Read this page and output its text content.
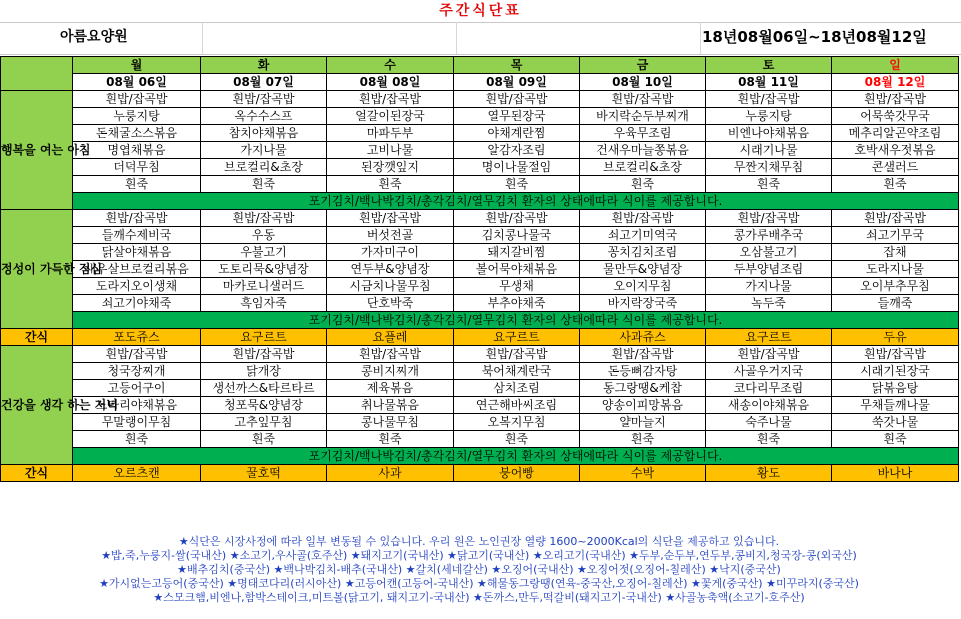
주간식단표
아름요양원	18년08월06일~18년08월12일
	월	화	수	목	금	토	일
	08월 06일	08월 07일	08월 08일	08월 09일	08월 10일	08월 11일	08월 12일
행복을 여는 아침	흰밥/잡곡밥	흰밥/잡곡밥	흰밥/잡곡밥	흰밥/잡곡밥	흰밥/잡곡밥	흰밥/잡곡밥	흰밥/잡곡밥
	누룽지탕	옥수수스프	얼갈이된장국	열무된장국	바지락순두부찌개	누룽지탕	어묵쑥갓무국
	돈채굴소스볶음	참치야채볶음	마파두부	야채계란찜	우육무조림	비엔나야채볶음	메추리알곤약조림
	명엽채볶음	가지나물	고비나물	알감자조림	건새우마늘쫑볶음	시래기나물	호박새우젓볶음
	더덕무침	브로컬리&초장	된장깻잎지	명이나물절임	브로컬리&초장	무짠지채무침	콘샐러드
	흰죽	흰죽	흰죽	흰죽	흰죽	흰죽	흰죽
	포기김치/백나박김치/총각김치/열무김치 환자의 상태에따라 식이를 제공합니다.						
정성이 가득한 점심	흰밥/잡곡밥	흰밥/잡곡밥	흰밥/잡곡밥	흰밥/잡곡밥	흰밥/잡곡밥	흰밥/잡곡밥	흰밥/잡곡밥
	들깨수제비국	우동	버섯전골	김치콩나물국	쇠고기미역국	콩가루배추국	쇠고기무국
	닭살야채볶음	우불고기	가자미구이	돼지갈비찜	꽁치김치조림	오삼불고기	잡채
	새우살브로컬리볶음	도토리묵&양념장	연두부&양념장	볼어묵야채볶음	물만두&양념장	두부양념조림	도라지나물
	도라지오이생채	마카로니샐러드	시금치나물무침	무생채	오이지무침	가지나물	오이부추무침
	쇠고기야채죽	흑임자죽	단호박죽	부추야채죽	바지락장국죽	녹두죽	들깨죽
	포기김치/백나박김치/총각김치/열무김치 환자의 상태에따라 식이를 제공합니다.						
간식	포도쥬스	요구르트	요플레	요구르트	사과쥬스	요구르트	두유
건강을 생각 하는 저녁	흰밥/잡곡밥	흰밥/잡곡밥	흰밥/잡곡밥	흰밥/잡곡밥	흰밥/잡곡밥	흰밥/잡곡밥	흰밥/잡곡밥
	청국장찌개	닭개장	콩비지찌개	북어채계란국	돈등뼈감자탕	사골우거지국	시래기된장국
	고등어구이	생선까스&타르타르	제육볶음	삼치조림	동그랑땡&케찹	코다리무조림	닭볶음탕
	느타리야채볶음	청포묵&양념장	취나물볶음	연근해바씨조림	양송이피망볶음	새송이야채볶음	무채들깨나물
	무말랭이무침	고추잎무침	콩나물무침	오복지무침	얄마늘지	숙주나물	쑥갓나물
	흰죽	흰죽	흰죽	흰죽	흰죽	흰죽	흰죽
	포기김치/백나박김치/총각김치/열무김치 환자의 상태에따라 식이를 제공합니다.						
간식	오르츠캔	꿀호떡	사과	붕어빵	수박	황도	바나나
★식단은 시장사정에 따라 일부 변동될 수 있습니다. 우리 원은 노인권장 열량 1600~2000Kcal의 식단을 제공하고 있습니다.
★밥,죽,누룽지-쌀(국내산) ★소고기,우사골(호주산) ★돼지고기(국내산) ★닭고기(국내산) ★오리고기(국내산) ★두부,순두부,연두부,콩비지,청국장-콩(외국산)
★배추김치(중국산) ★백나박김치-배추(국내산) ★갈치(세네갈산) ★오징어(국내산) ★오징어젓(오징어-칠레산) ★낙지(중국산)
★가시없는고등어(중국산) ★명태코다리(러시아산) ★고등어캔(고등어-국내산) ★해물동그랑땡(연육-중국산,오징어-칠레산) ★꽃게(중국산) ★미꾸라지(중국산)
★스모크햄,비엔나,함박스테이크,미트볼(닭고기, 돼지고기-국내산) ★돈까스,만두,떡갈비(돼지고기-국내산) ★사골농축액(소고기-호주산)
